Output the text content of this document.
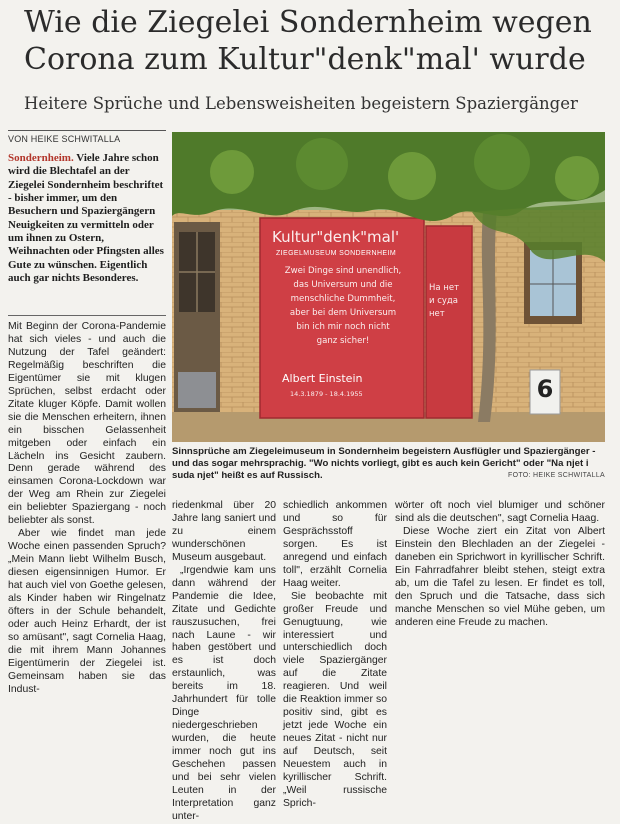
Wie die Ziegelei Sondernheim wegen
Corona zum Kultur"denk"mal' wurde
Heitere Sprüche und Lebensweisheiten begeistern Spaziergänger
VON HEIKE SCHWITALLA
Sondernheim. Viele Jahre schon wird die Blechtafel an der Ziegelei Sondernheim beschriftet - bisher immer, um den Besuchern und Spaziergängern Neuigkeiten zu vermitteln oder um ihnen zu Ostern, Weihnachten oder Pfingsten alles Gute zu wünschen. Eigentlich auch gar nichts Besonderes.

Mit Beginn der Corona-Pandemie hat sich vieles - und auch die Nutzung der Tafel geändert: Regelmäßig beschriften die Eigentümer sie mit klugen Sprüchen, selbst erdacht oder Zitate kluger Köpfe. Damit wollen sie die Menschen erheitern, ihnen ein bisschen Gelassenheit mitgeben oder einfach ein Lächeln ins Gesicht zaubern. Denn gerade während des einsamen Corona-Lockdown war der Weg am Rhein zur Ziegelei ein beliebter Spaziergang - noch beliebter als sonst.

Aber wie findet man jede Woche einen passenden Spruch? „Mein Mann liebt Wilhelm Busch, diesen eigensinnigen Humor. Er hat auch viel von Goethe gelesen, als Kinder haben wir Ringelnatz öfters in der Schule behandelt, oder auch Heinz Erhardt, der ist so amüsant", sagt Cornelia Haag, die mit ihrem Mann Johannes Eigentümerin der Ziegelei ist. Gemeinsam haben sie das Indust-

Kultur"denk"mal'
ZIEGELMUSEUM SONDERNHEIM
Zwei Dinge sind unendlich,
das Universum und die
menschliche Dummheit,
aber bei dem Universum
bin ich mir noch nicht
ganz sicher!
Albert Einstein
14.3.1879 - 18.4.1955
На нет
и суда
нет
6
Sinnsprüche am Ziegeleimuseum in Sondernheim begeistern Ausflügler und Spaziergänger - und das sogar mehrsprachig. "Wo nichts vorliegt, gibt es auch kein Gericht" oder "Na njet i suda njet" heißt es auf Russisch.	FOTO: HEIKE SCHWITALLA

riedenkmal über 20 Jahre lang saniert und zu einem wunderschönen Museum ausgebaut.

„Irgendwie kam uns dann während der Pandemie die Idee, Zitate und Gedichte rauszusuchen, frei nach Laune - wir haben gestöbert und es ist doch erstaunlich, was bereits im 18. Jahrhundert für tolle Dinge niedergeschrieben wurden, die heute immer noch gut ins Geschehen passen und bei sehr vielen Leuten in der Interpretation ganz unter-

schiedlich ankommen und so für Gesprächsstoff sorgen. Es ist anregend und einfach toll", erzählt Cornelia Haag weiter.

Sie beobachte mit großer Freude und Genugtuung, wie interessiert und unterschiedlich doch viele Spaziergänger auf die Zitate reagieren. Und weil die Reaktion immer so positiv sind, gibt es jetzt jede Woche ein neues Zitat - nicht nur auf Deutsch, seit Neuestem auch in kyrillischer Schrift. „Weil russische Sprich-

wörter oft noch viel blumiger und schöner sind als die deutschen", sagt Cornelia Haag.

Diese Woche ziert ein Zitat von Albert Einstein den Blechladen an der Ziegelei - daneben ein Sprichwort in kyrillischer Schrift. Ein Fahrradfahrer bleibt stehen, steigt extra ab, um die Tafel zu lesen. Er findet es toll, den Spruch und die Tatsache, dass sich manche Menschen so viel Mühe geben, um anderen eine Freude zu machen.
